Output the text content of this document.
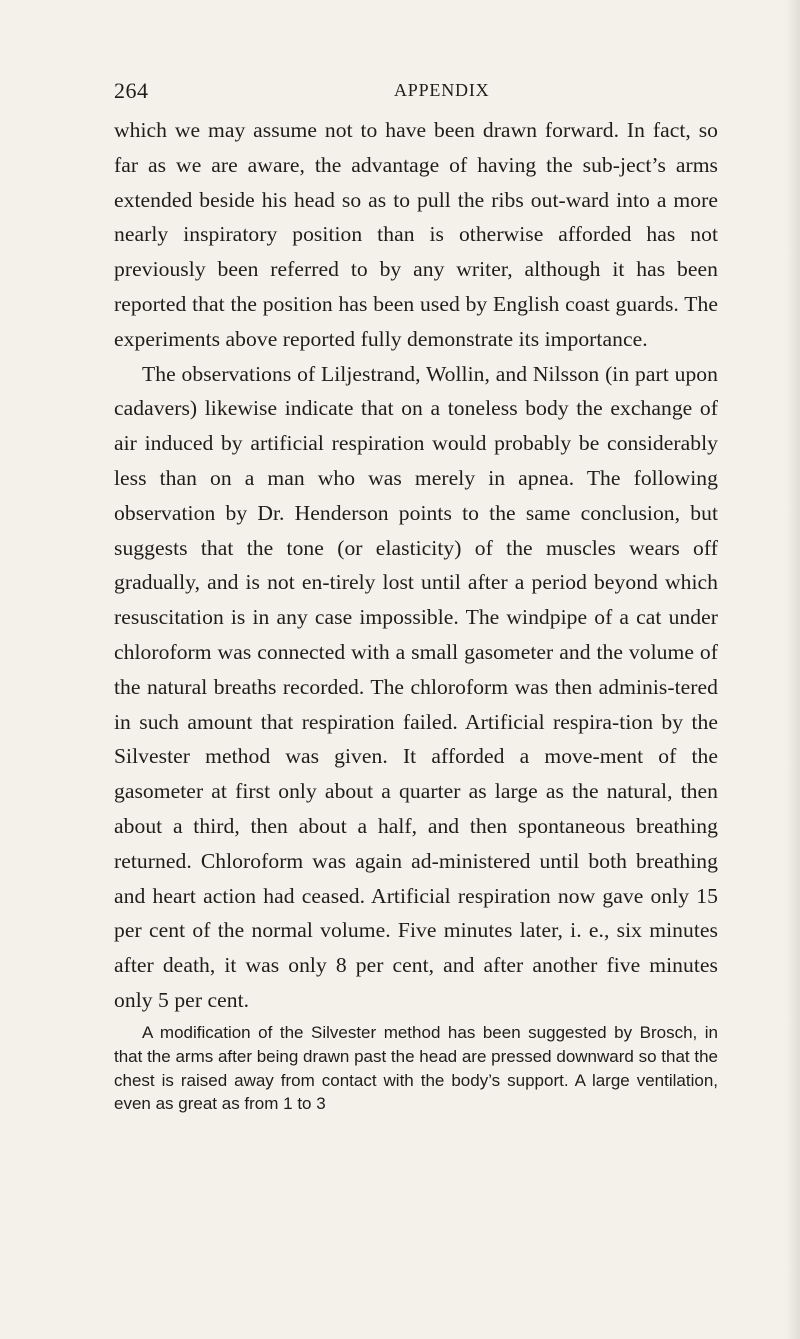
264	APPENDIX

which we may assume not to have been drawn forward. In fact, so far as we are aware, the advantage of having the sub-ject’s arms extended beside his head so as to pull the ribs out-ward into a more nearly inspiratory position than is otherwise afforded has not previously been referred to by any writer, although it has been reported that the position has been used by English coast guards. The experiments above reported fully demonstrate its importance.

The observations of Liljestrand, Wollin, and Nilsson (in part upon cadavers) likewise indicate that on a toneless body the exchange of air induced by artificial respiration would probably be considerably less than on a man who was merely in apnea. The following observation by Dr. Henderson points to the same conclusion, but suggests that the tone (or elasticity) of the muscles wears off gradually, and is not en-tirely lost until after a period beyond which resuscitation is in any case impossible. The windpipe of a cat under chloroform was connected with a small gasometer and the volume of the natural breaths recorded. The chloroform was then adminis-tered in such amount that respiration failed. Artificial respira-tion by the Silvester method was given. It afforded a move-ment of the gasometer at first only about a quarter as large as the natural, then about a third, then about a half, and then spontaneous breathing returned. Chloroform was again ad-ministered until both breathing and heart action had ceased. Artificial respiration now gave only 15 per cent of the normal volume. Five minutes later, i. e., six minutes after death, it was only 8 per cent, and after another five minutes only 5 per cent.

A modification of the Silvester method has been suggested by Brosch, in that the arms after being drawn past the head are pressed downward so that the chest is raised away from contact with the body’s support. A large ventilation, even as great as from 1 to 3
